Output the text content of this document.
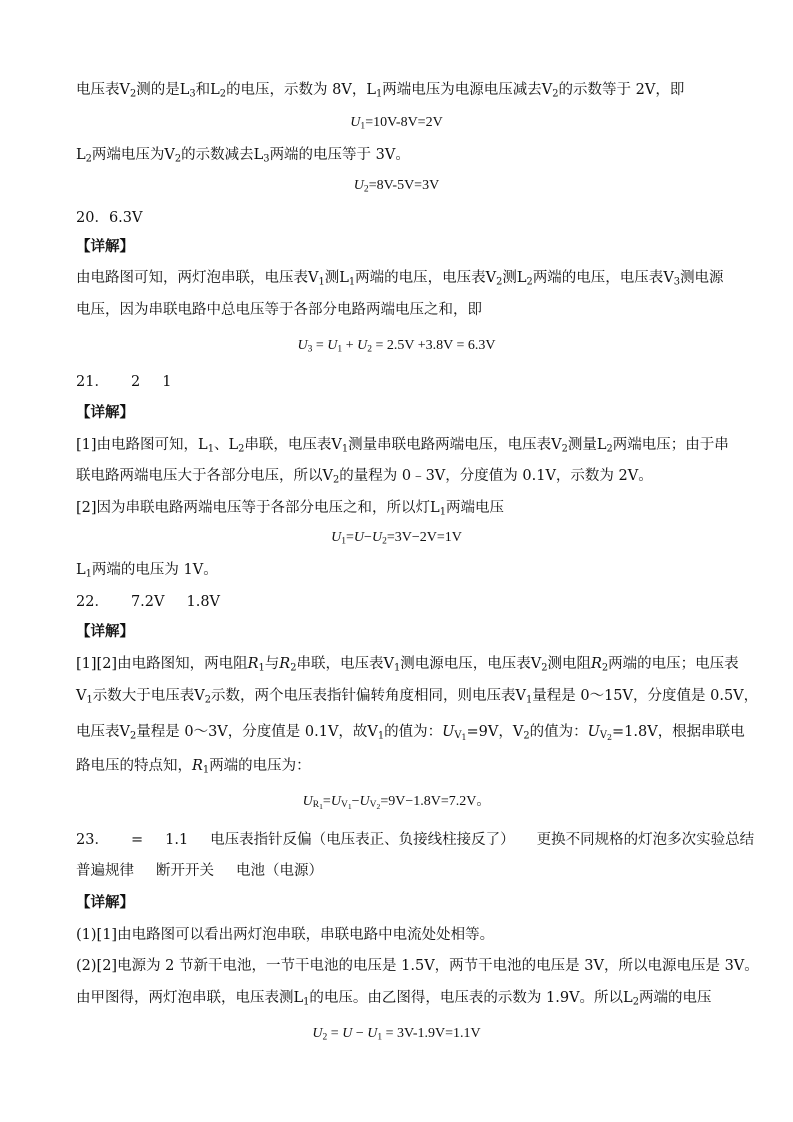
电压表$V_2$测的是$L_3$和$L_2$的电压，示数为 8V，$L_1$两端电压为电源电压减去$V_2$的示数等于 2V，即
$U_1=10V-8V=2V$
$L_2$两端电压为$V_2$的示数减去$L_3$两端的电压等于 3V。
$U_2=8V-5V=3V$
20．6.3V
【详解】
由电路图可知，两灯泡串联，电压表$V_1$测$L_1$两端的电压，电压表$V_2$测$L_2$两端的电压，电压表$V_3$测电源
电压，因为串联电路中总电压等于各部分电路两端电压之和，即
$U_3 = U_1 + U_2 = 2.5V +3.8V = 6.3V$
21． 2 1
【详解】
[1]由电路图可知，$L_1$、$L_2$串联，电压表$V_1$测量串联电路两端电压，电压表$V_2$测量$L_2$两端电压；由于串
联电路两端电压大于各部分电压，所以$V_2$的量程为 0﹣3V，分度值为 0.1V，示数为 2V。
[2]因为串联电路两端电压等于各部分电压之和，所以灯$L_1$两端电压
$U_1=U-U_2=3V-2V=1V$
$L_1$两端的电压为 1V。
22． 7.2V 1.8V
【详解】
[1][2]由电路图知，两电阻$R_1$与$R_2$串联，电压表$V_1$测电源电压，电压表$V_2$测电阻$R_2$两端的电压；电压表
$V_1$示数大于电压表$V_2$示数，两个电压表指针偏转角度相同，则电压表$V_1$量程是 0～15V，分度值是 0.5V，
电压表$V_2$量程是 0～3V，分度值是 0.1V，故$V_1$的值为：$U_{V_1}=9V$，$V_2$的值为：$U_{V_2}=1.8V$，根据串联电
路电压的特点知，$R_1$两端的电压为：
$U_{R_1}=U_{V_1}-U_{V_2}=9V-1.8V=7.2V$。
23． = 1.1 电压表指针反偏（电压表正、负接线柱接反了） 更换不同规格的灯泡多次实验总结
普遍规律 断开开关 电池（电源）
【详解】
(1)[1]由电路图可以看出两灯泡串联，串联电路中电流处处相等。
(2)[2]电源为 2 节新干电池，一节干电池的电压是 1.5V，两节干电池的电压是 3V，所以电源电压是 3V。
由甲图得，两灯泡串联，电压表测$L_1$的电压。由乙图得，电压表的示数为 1.9V。所以$L_2$两端的电压
$U_2 = U - U_1 = 3V-1.9V=1.1V$
